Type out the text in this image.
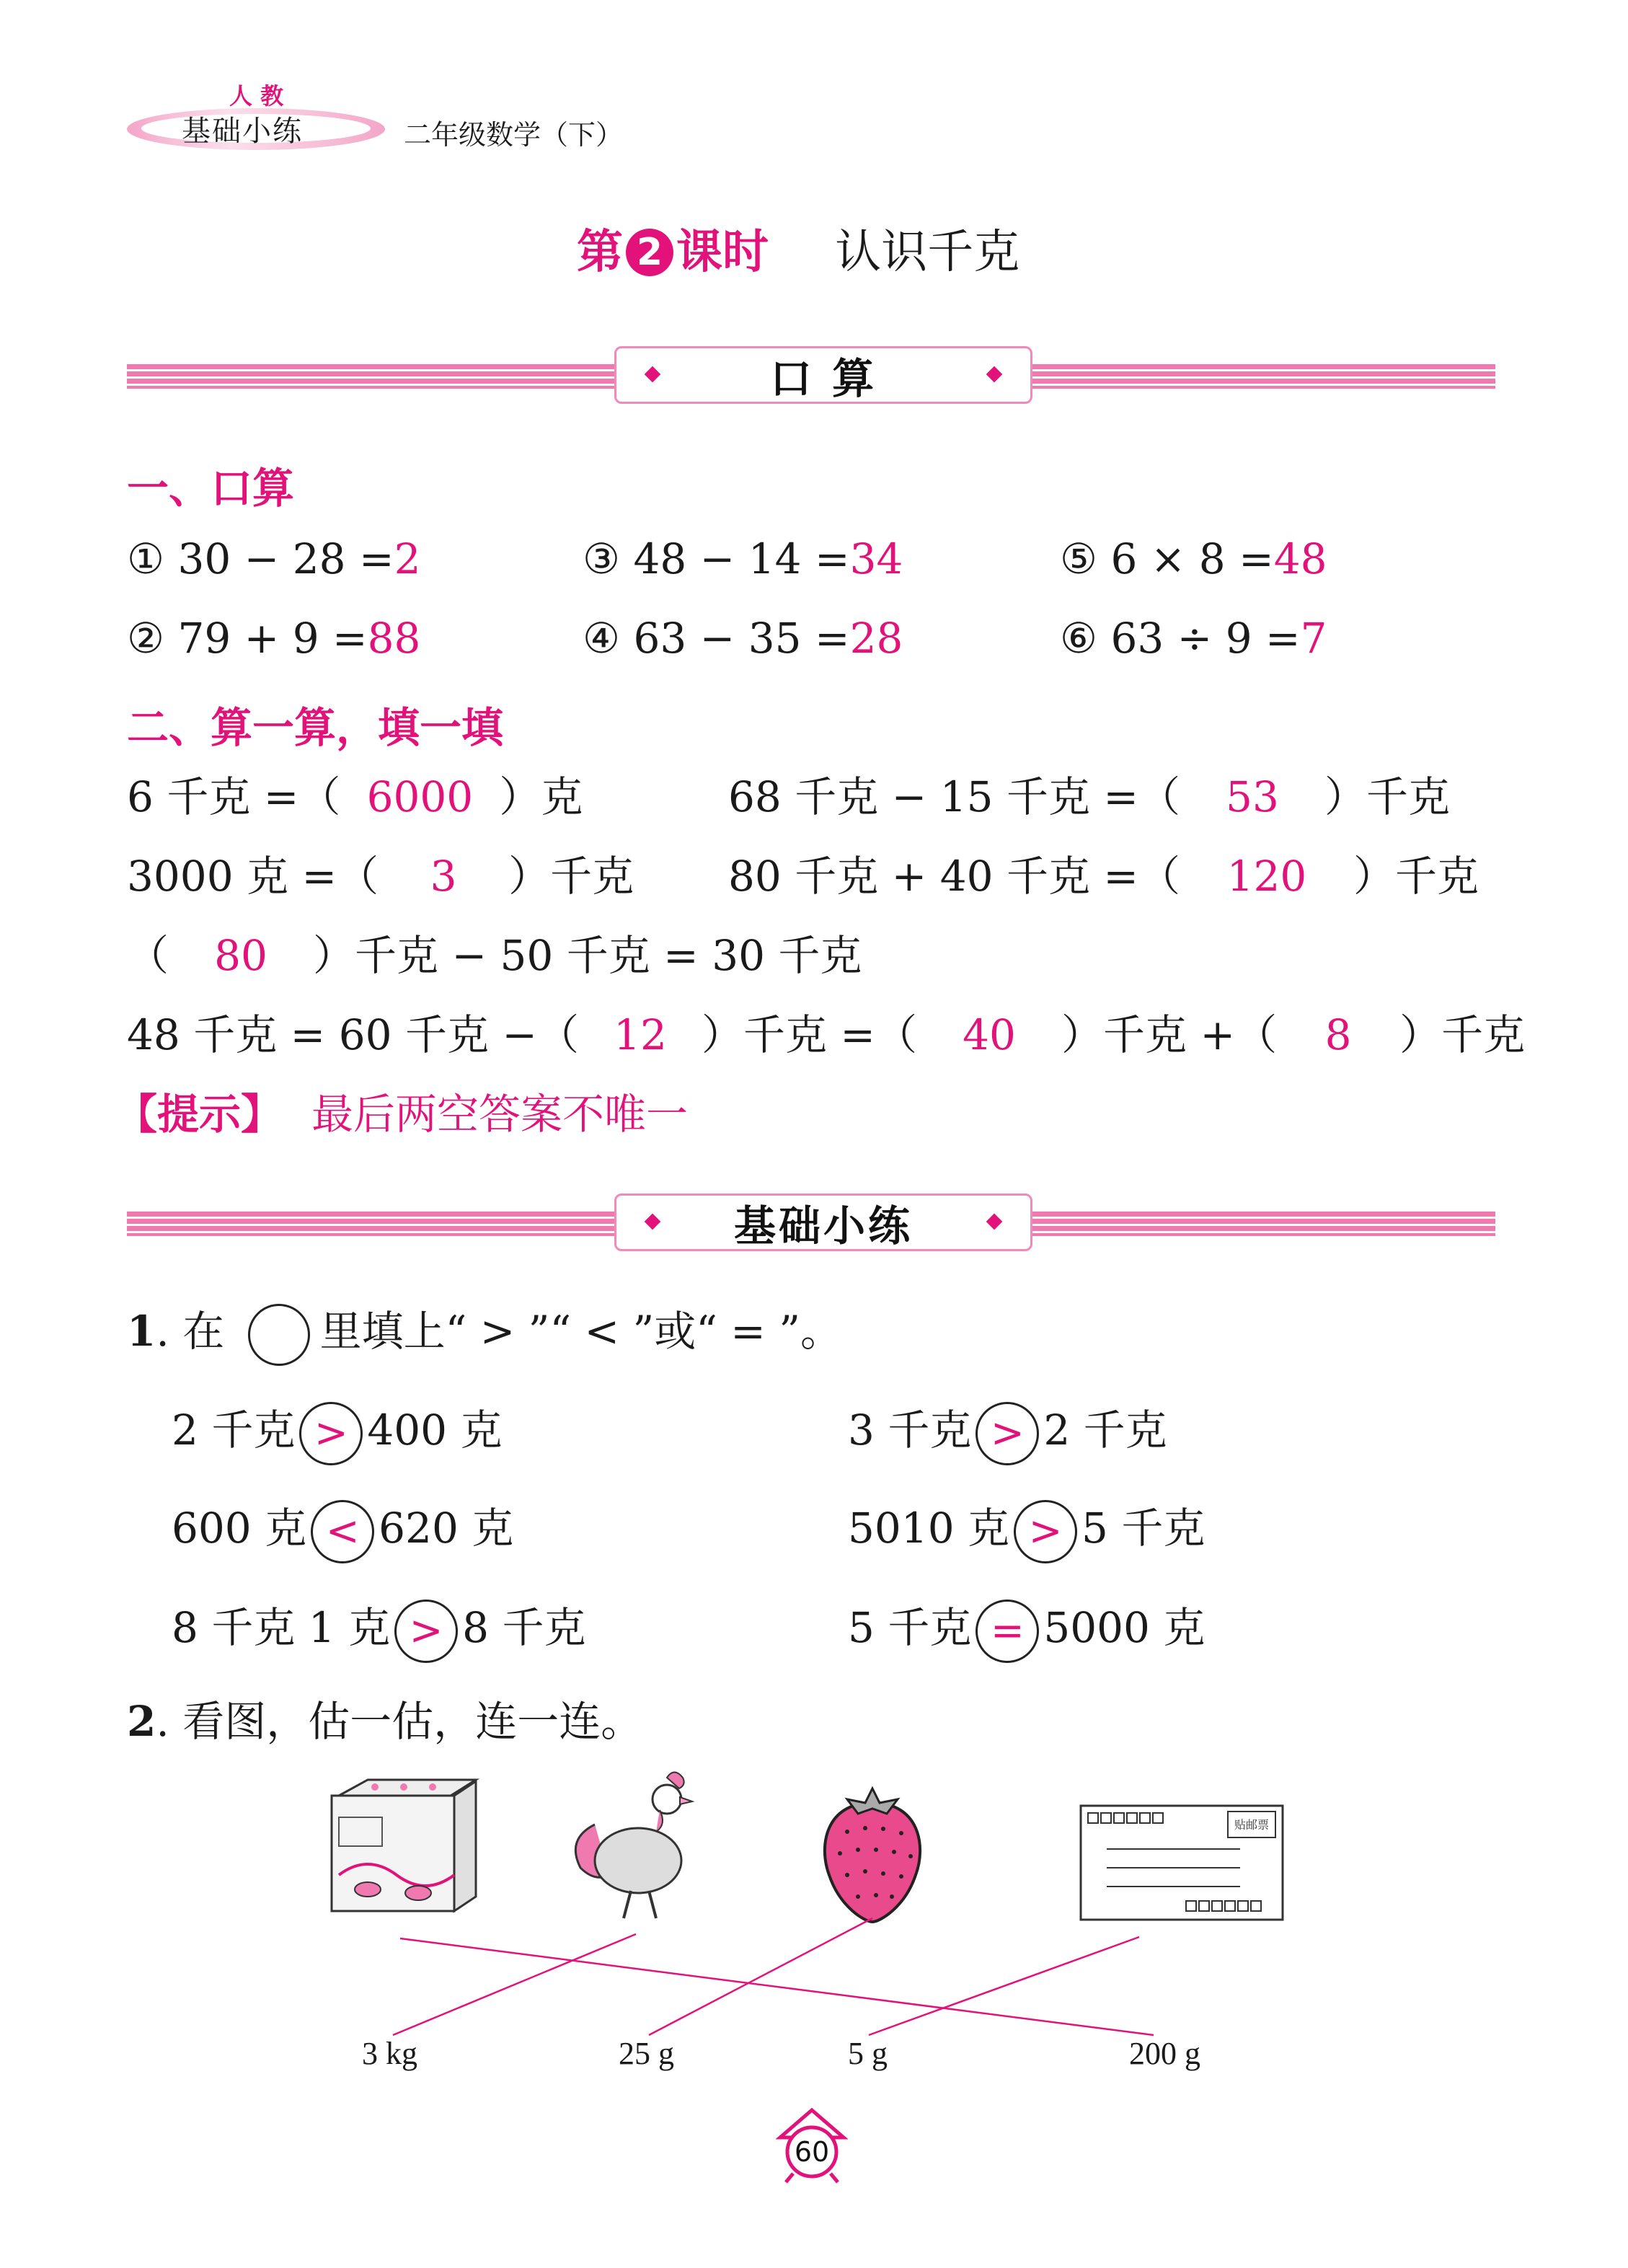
人 教
基础小练	二年级数学（下）
第 2 课时 认识千克
口 算
一、口算
① 30 − 28 =2	③ 48 − 14 =34	⑤ 6 × 8 =48
② 79 + 9 =88	④ 63 − 35 =28	⑥ 63 ÷ 9 =7
二、算一算，填一填
6 千克 =（ 6000 ）克	68 千克 − 15 千克 =（ 53 ）千克
3000 克 =（ 3 ）千克 80 千克 + 40 千克 =（ 120 ）千克
（ 80 ）千克 − 50 千克 = 30 千克
48 千克 = 60 千克 −（ 12 ）千克 =（ 40 ）千克 +（ 8 ）千克
【提示】 最后两空答案不唯一
基础小练
1. 在 里填上“ > ”“ < ”或“ = ”。
2 千克 > 400 克	3 千克 > 2 千克
600 克 < 620 克	5010 克 > 5 千克
8 千克 1 克 > 8 千克	5 千克 = 5000 克
2. 看图，估一估，连一连。
贴邮票
3 kg	25 g	5 g	200 g
60
